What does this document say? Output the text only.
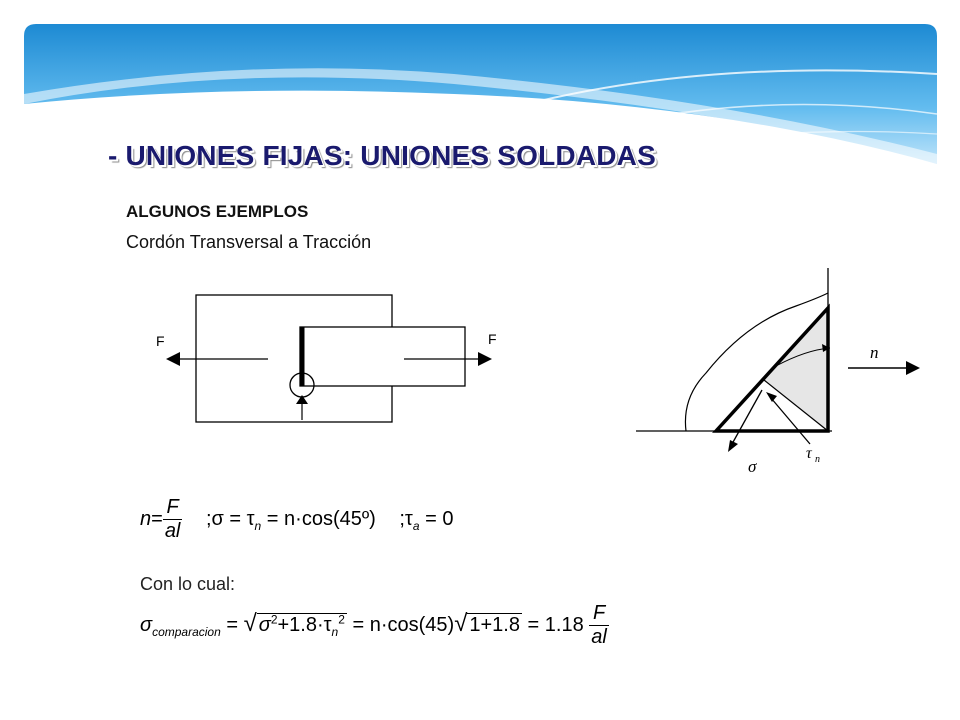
- UNIONES FIJAS: UNIONES SOLDADAS
ALGUNOS EJEMPLOS
Cordón Transversal a Tracción
F	F
n
σ
τ n
$n= \frac{F}{al}$ ;σ = $\tau_n$ = n·cos(45º) $;\tau_a = 0$
Con lo cual:
$\sigma_{comparacion}$ = √ $\sigma^2+1.8\cdot\tau_n^2 = n\cdot\cos(45)√$ $1+1.8 = 1.18 \frac{F}{al}$
